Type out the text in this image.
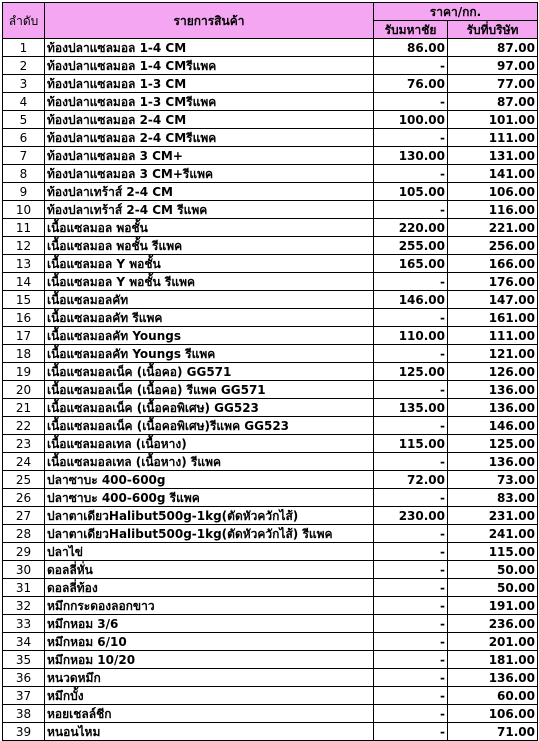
ลำดับ	รายการสินค้า	ราคา/กก.	
		รับมหาชัย	รับที่บริษัท
1	ท้องปลาแซลมอล 1-4 CM	86.00	87.00
2	ท้องปลาแซลมอล 1-4 CMรีแพค	-	97.00
3	ท้องปลาแซลมอล 1-3 CM	76.00	77.00
4	ท้องปลาแซลมอล 1-3 CMรีแพค	-	87.00
5	ท้องปลาแซลมอล 2-4 CM	100.00	101.00
6	ท้องปลาแซลมอล 2-4 CMรีแพค	-	111.00
7	ท้องปลาแซลมอล 3 CM+	130.00	131.00
8	ท้องปลาแซลมอล 3 CM+รีแพค	-	141.00
9	ท้องปลาเทร้าส์ 2-4 CM	105.00	106.00
10	ท้องปลาเทร้าส์ 2-4 CM รีแพค	-	116.00
11	เนื้อแซลมอล พอชั้น	220.00	221.00
12	เนื้อแซลมอล พอชั้น รีแพค	255.00	256.00
13	เนื้อแซลมอล Y พอชั้น	165.00	166.00
14	เนื้อแซลมอล Y พอชั้น รีแพค	-	176.00
15	เนื้อแซลมอลคัท	146.00	147.00
16	เนื้อแซลมอลคัท รีแพค	-	161.00
17	เนื้อแซลมอลคัท Youngs	110.00	111.00
18	เนื้อแซลมอลคัท Youngs รีแพค	-	121.00
19	เนื้อแซลมอลเน็ค (เนื้อคอ) GG571	125.00	126.00
20	เนื้อแซลมอลเน็ค (เนื้อคอ) รีแพค GG571	-	136.00
21	เนื้อแซลมอลเน็ค (เนื้อคอพิเศษ) GG523	135.00	136.00
22	เนื้อแซลมอลเน็ค (เนื้อคอพิเศษ)รีแพค GG523	-	146.00
23	เนื้อแซลมอลเทล (เนื้อหาง)	115.00	125.00
24	เนื้อแซลมอลเทล (เนื้อหาง) รีแพค	-	136.00
25	ปลาซาบะ 400-600g	72.00	73.00
26	ปลาซาบะ 400-600g รีแพค	-	83.00
27	ปลาตาเดียวHalibut500g-1kg(ตัดหัวควักไส้)	230.00	231.00
28	ปลาตาเดียวHalibut500g-1kg(ตัดหัวควักไส้) รีแพค	-	241.00
29	ปลาไข่	-	115.00
30	ดอลลี่หั่น	-	50.00
31	ดอลลี่ท้อง	-	50.00
32	หมึกกระดองลอกขาว	-	191.00
33	หมึกหอม 3/6	-	236.00
34	หมึกหอม 6/10	-	201.00
35	หมึกหอม 10/20	-	181.00
36	หนวดหมึก	-	136.00
37	หมึกบั้ง	-	60.00
38	หอยเชลล์ชีก	-	106.00
39	หนอนไหม	-	71.00
